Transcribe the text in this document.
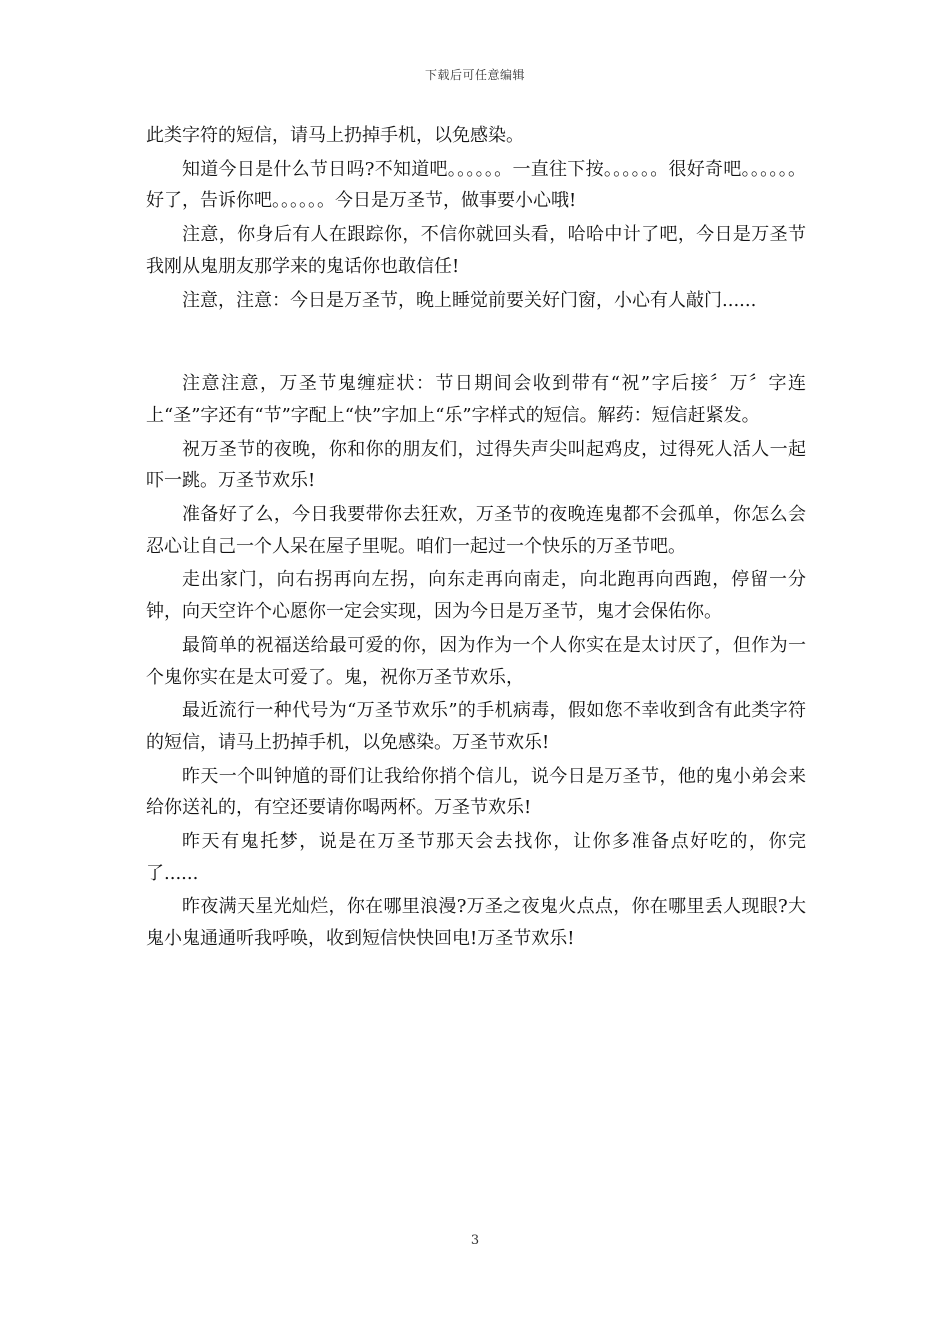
下载后可任意编辑

此类字符的短信，请马上扔掉手机，以免感染。

知道今日是什么节日吗?不知道吧。。。。。。一直往下按。。。。。。很好奇吧。。。。。。好了，告诉你吧。。。。。。今日是万圣节，做事要小心哦!

注意，你身后有人在跟踪你，不信你就回头看，哈哈中计了吧，今日是万圣节我刚从鬼朋友那学来的鬼话你也敢信任!

注意，注意：今日是万圣节，晚上睡觉前要关好门窗，小心有人敲门......

注意注意，万圣节鬼缠症状：节日期间会收到带有“祝”字后接〞万〞字连上“圣”字还有“节”字配上“快”字加上“乐”字样式的短信。解药：短信赶紧发。

祝万圣节的夜晚，你和你的朋友们，过得失声尖叫起鸡皮，过得死人活人一起吓一跳。万圣节欢乐!

准备好了么，今日我要带你去狂欢，万圣节的夜晚连鬼都不会孤单，你怎么会忍心让自己一个人呆在屋子里呢。咱们一起过一个快乐的万圣节吧。

走出家门，向右拐再向左拐，向东走再向南走，向北跑再向西跑，停留一分钟，向天空许个心愿你一定会实现，因为今日是万圣节，鬼才会保佑你。

最简单的祝福送给最可爱的你，因为作为一个人你实在是太讨厌了，但作为一个鬼你实在是太可爱了。鬼，祝你万圣节欢乐，

最近流行一种代号为“万圣节欢乐”的手机病毒，假如您不幸收到含有此类字符的短信，请马上扔掉手机，以免感染。万圣节欢乐!

昨天一个叫钟馗的哥们让我给你捎个信儿，说今日是万圣节，他的鬼小弟会来给你送礼的，有空还要请你喝两杯。万圣节欢乐!

昨天有鬼托梦，说是在万圣节那天会去找你，让你多准备点好吃的，你完了......

昨夜满天星光灿烂，你在哪里浪漫?万圣之夜鬼火点点，你在哪里丢人现眼?大鬼小鬼通通听我呼唤，收到短信快快回电!万圣节欢乐!

3
